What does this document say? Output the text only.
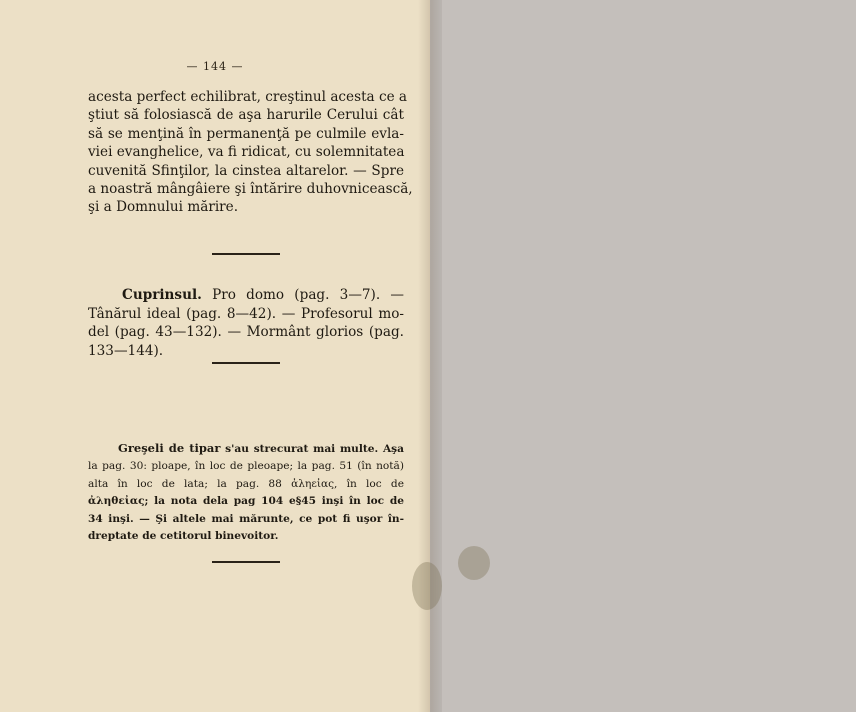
— 144 —
acesta perfect echilibrat, creştinul acesta ce a
ştiut să folosiască de aşa harurile Cerului cât
să se menţină în permanenţă pe culmile evla-
viei evanghelice, va fi ridicat, cu solemnitatea
cuvenită Sfinţilor, la cinstea altarelor. — Spre
a noastră mângâiere şi întărire duhovnicească,
şi a Domnului mărire.
Cuprinsul. Pro domo (pag. 3—7). —
Tânărul ideal (pag. 8—42). — Profesorul mo-
del (pag. 43—132). — Mormânt glorios (pag.
133—144).
Greşeli de tipar s'au strecurat mai multe. Aşa
la pag. 30: ploape, în loc de pleoape; la pag. 51 (în notă)
alta în loc de lata; la pag. 88 ἀληεἰας, în loc de
ἀληθεἰας; la nota dela pag 104 e§45 inşi în loc de
34 inşi. — Şi altele mai mărunte, ce pot fi uşor în-
dreptate de cetitorul binevoitor.
